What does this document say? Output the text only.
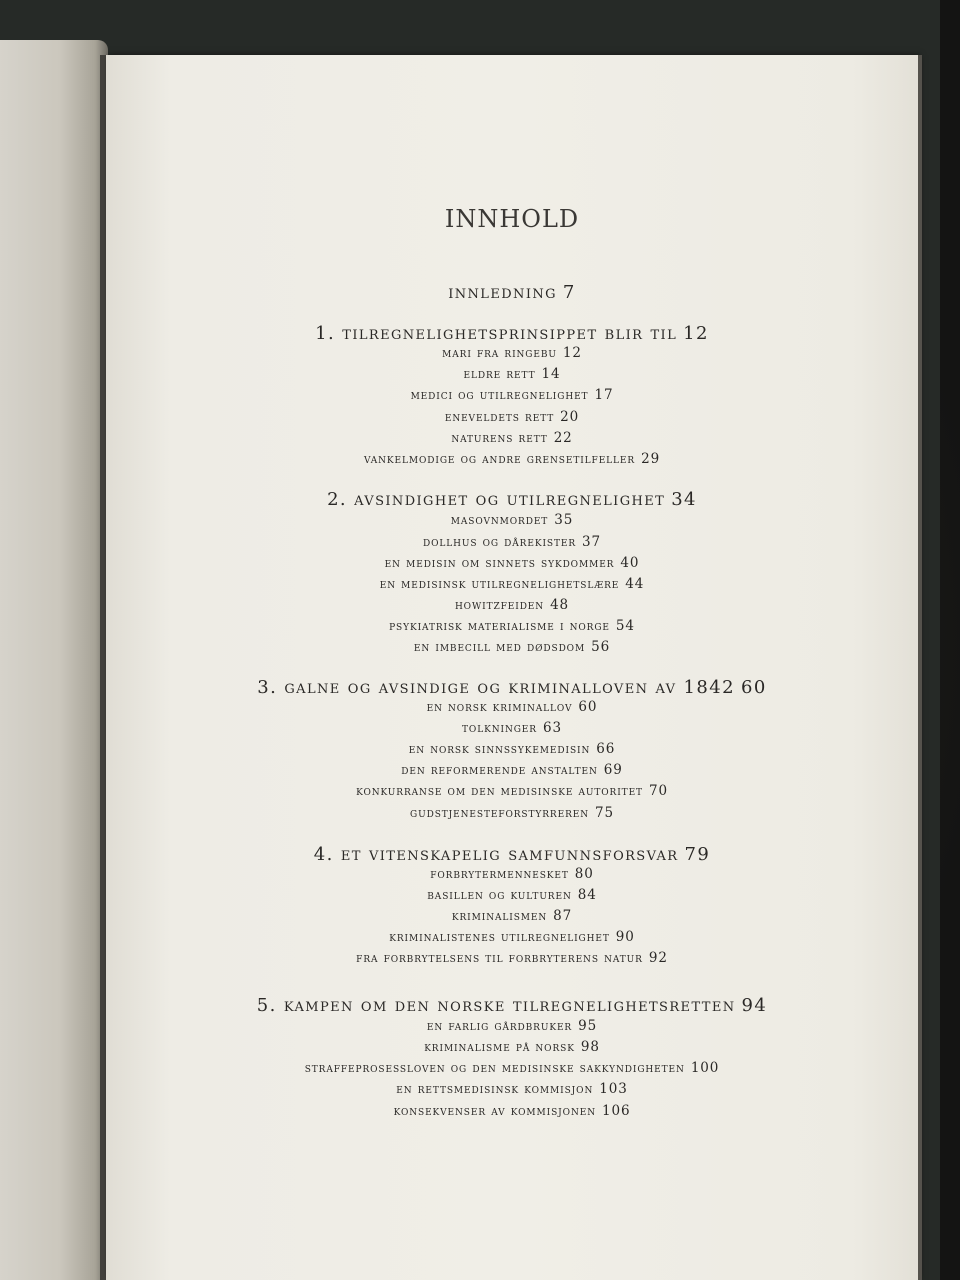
INNHOLD
innledning 7
1. tilregnelighetsprinsippet blir til 12
mari fra ringebu 12
eldre rett 14
medici og utilregnelighet 17
eneveldets rett 20
naturens rett 22
vankelmodige og andre grensetilfeller 29
2. avsindighet og utilregnelighet 34
masovnmordet 35
dollhus og dårekister 37
en medisin om sinnets sykdommer 40
en medisinsk utilregnelighetslære 44
howitzfeiden 48
psykiatrisk materialisme i norge 54
en imbecill med dødsdom 56
3. galne og avsindige og kriminalloven av 1842 60
en norsk kriminallov 60
tolkninger 63
en norsk sinnssykemedisin 66
den reformerende anstalten 69
konkurranse om den medisinske autoritet 70
gudstjenesteforstyrreren 75
4. et vitenskapelig samfunnsforsvar 79
forbrytermennesket 80
basillen og kulturen 84
kriminalismen 87
kriminalistenes utilregnelighet 90
fra forbrytelsens til forbryterens natur 92
5. kampen om den norske tilregnelighetsretten 94
en farlig gårdbruker 95
kriminalisme på norsk 98
straffeprosessloven og den medisinske sakkyndigheten 100
en rettsmedisinsk kommisjon 103
konsekvenser av kommisjonen 106
